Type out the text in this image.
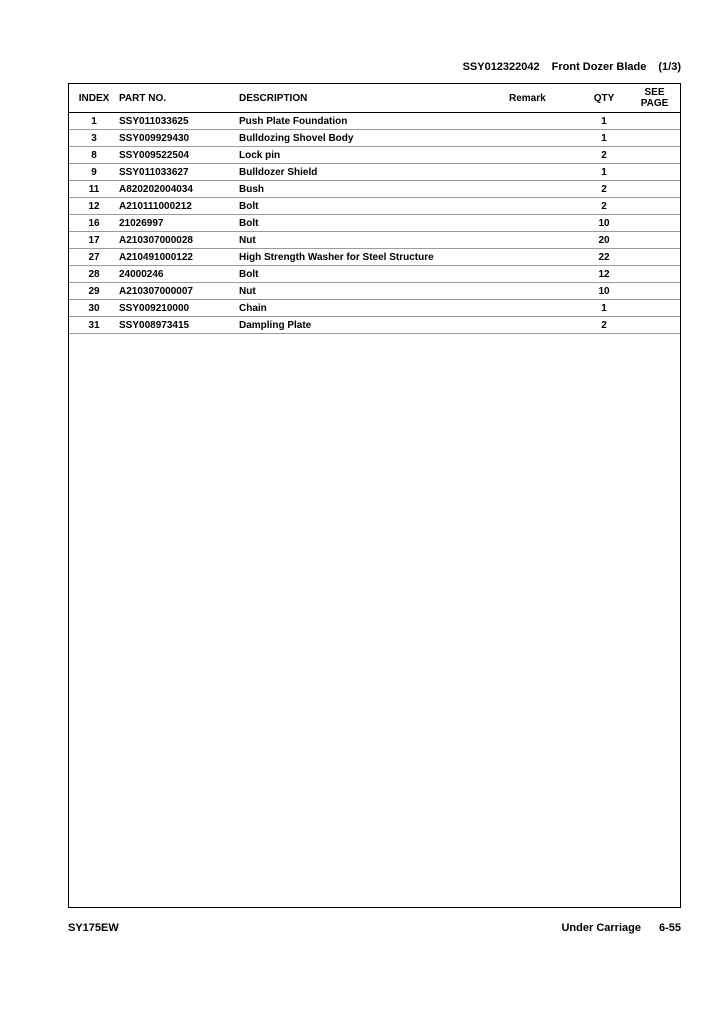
SSY012322042 Front Dozer Blade (1/3)
INDEX	PART NO.	DESCRIPTION	Remark	QTY	SEE
PAGE

1	SSY011033625	Push Plate Foundation		1	
3	SSY009929430	Bulldozing Shovel Body		1	
8	SSY009522504	Lock pin		2	
9	SSY011033627	Bulldozer Shield		1	
11	A820202004034	Bush		2	
12	A210111000212	Bolt		2	
16	21026997	Bolt		10	
17	A210307000028	Nut		20	
27	A210491000122	High Strength Washer for Steel Structure		22	
28	24000246	Bolt		12	
29	A210307000007	Nut		10	
30	SSY009210000	Chain		1	
31	SSY008973415	Dampling Plate		2	
SY175EW	Under Carriage 6-55
